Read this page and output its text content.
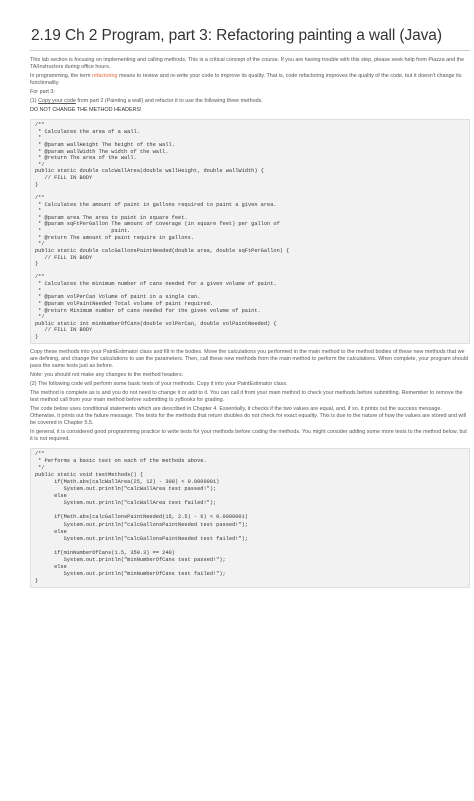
2.19 Ch 2 Program, part 3: Refactoring painting a wall (Java)

This lab section is focusing on implementing and calling methods. This is a critical concept of the course. If you are having trouble with this step, please seek help from Piazza and the TA/Instructors during office hours.

In programming, the term refactoring means to review and re-write your code to improve its quality. That is, code refactoring improves the quality of the code, but it doesn't change its functionality.

For part 3:

(1) Copy your code from part 2 (Painting a wall) and refactor it to use the following three methods.

DO NOT CHANGE THE METHOD HEADERS!

/**
* Calculates the area of a wall.
*
* @param wallHeight The height of the wall.
* @param wallWidth The width of the wall.
* @return The area of the wall.
*/
public static double calcWallArea(double wallHeight, double wallWidth) {
// FILL IN BODY
}

/**
* Calculates the amount of paint in gallons required to paint a given area.
*
* @param area The area to paint in square feet.
* @param sqFtPerGallon The amount of coverage (in square feet) per gallon of
*                      paint.
* @return The amount of paint require in gallons.
*/
public static double calcGallonsPaintNeeded(double area, double sqFtPerGallon) {
// FILL IN BODY
}

/**
* Calculates the minimum number of cans needed for a given volume of paint.
*
* @param volPerCan Volume of paint in a single can.
* @param volPaintNeeded Total volume of paint required.
* @return Minimum number of cans needed for the given volume of paint.
*/
public static int minNumberOfCans(double volPerCan, double volPaintNeeded) {
// FILL IN BODY
}

Copy these methods into your PaintEstimator class and fill in the bodies. Move the calculations you performed in the main method to the method bodies of these new methods that we are defining, and change the calculations to use the parameters. Then, call these new methods from the main method to perform the calculations. When complete, your program should pass the same tests just as before.

Note: you should not make any changes to the method headers.

(2) The following code will perform some basic tests of your methods. Copy it into your PaintEstimator class.

The method is complete as is and you do not need to change it or add to it. You can call it from your main method to check your methods before submitting. Remember to remove the test method call from your main method before submitting to zyBooks for grading.

The code below uses conditional statements which are described in Chapter 4. Essentially, it checks if the two values are equal, and, if so, it prints out the success message. Otherwise, it prints out the failure message. The tests for the methods that return doubles do not check for exact equality. This is due to the nature of how the values are stored and will be covered in Chapter 5.5.

In general, it is considered good programming practice to write tests for your methods before coding the methods. You might consider adding some more tests to the method below, but it is not required.

/**
* Performs a basic test on each of the methods above.
*/
public static void testMethods() {
if(Math.abs(calcWallArea(25, 12) - 300) < 0.0000001)
System.out.println("calcWallArea test passed!");
else
System.out.println("calcWallArea test failed!");

if(Math.abs(calcGallonsPaintNeeded(15, 2.5) - 6) < 0.0000001)
System.out.println("calcGallonsPaintNeeded test passed!");
else
System.out.println("calcGallonsPaintNeeded test failed!");

if(minNumberOfCans(1.5, 359.3) == 240)
System.out.println("minNumberOfCans test passed!");
else
System.out.println("minNumberOfCans test failed!");
}
